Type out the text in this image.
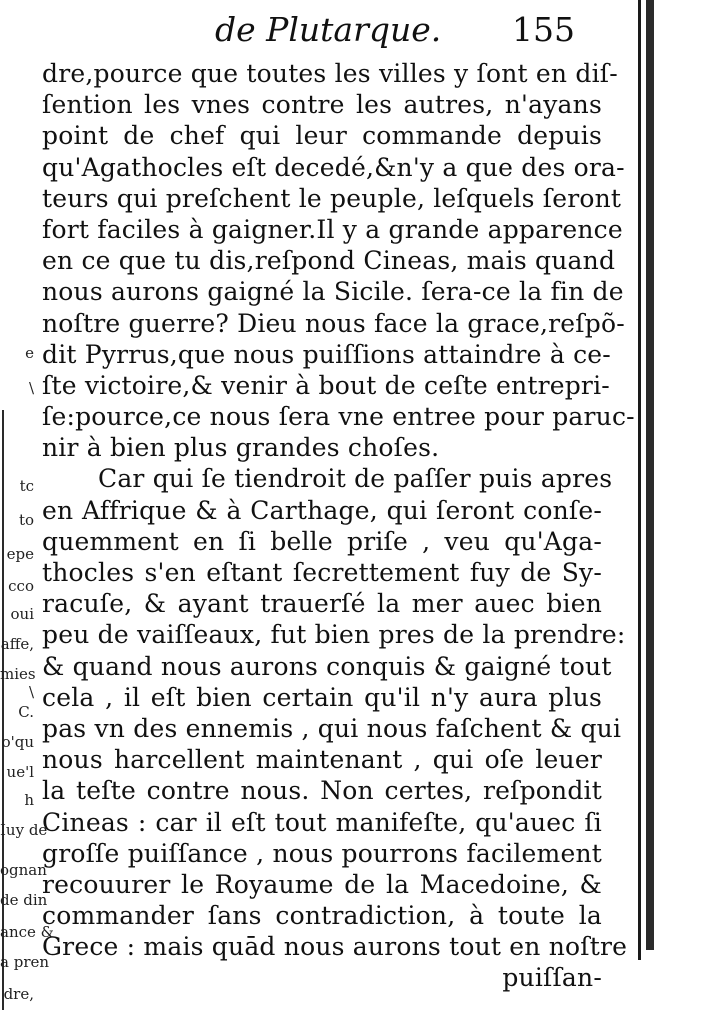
e
\
tc
to
epe
cco
oui
affe,
mies
\
C.
o'qu
ue'l
h
Iuy de
ognan
de din
ance &
a pren
dre,
de Plutarque. 155
dre,pource que toutes les villes y ſont en diſ-
ſention les vnes contre les autres, n'ayans
point de chef qui leur commande depuis
qu'Agathocles eſt decedé,&n'y a que des ora-
teurs qui preſchent le peuple, leſquels ſeront
fort faciles à gaigner.Il y a grande apparence
en ce que tu dis,reſpond Cineas, mais quand
nous aurons gaigné la Sicile. ſera-ce la fin de
noſtre guerre? Dieu nous face la grace,reſpõ-
dit Pyrrus,que nous puiſſions attaindre à ce-
ſte victoire,& venir à bout de ceſte entrepri-
ſe:pource,ce nous ſera vne entree pour paruc-
nir à bien plus grandes choſes.
Car qui ſe tiendroit de paſſer puis apres
en Affrique & à Carthage, qui ſeront conſe-
quemment en ſi belle priſe , veu qu'Aga-
thocles s'en eſtant ſecrettement fuy de Sy-
racuſe, & ayant trauerſé la mer auec bien
peu de vaiſſeaux, fut bien pres de la prendre:
& quand nous aurons conquis & gaigné tout
cela , il eſt bien certain qu'il n'y aura plus
pas vn des ennemis , qui nous faſchent & qui
nous harcellent maintenant , qui oſe leuer
la teſte contre nous. Non certes, reſpondit
Cineas : car il eſt tout manifeſte, qu'auec ſi
groſſe puiſſance , nous pourrons facilement
recouurer le Royaume de la Macedoine, &
commander ſans contradiction, à toute la
Grece : mais quād nous aurons tout en noſtre
puiſſan-
